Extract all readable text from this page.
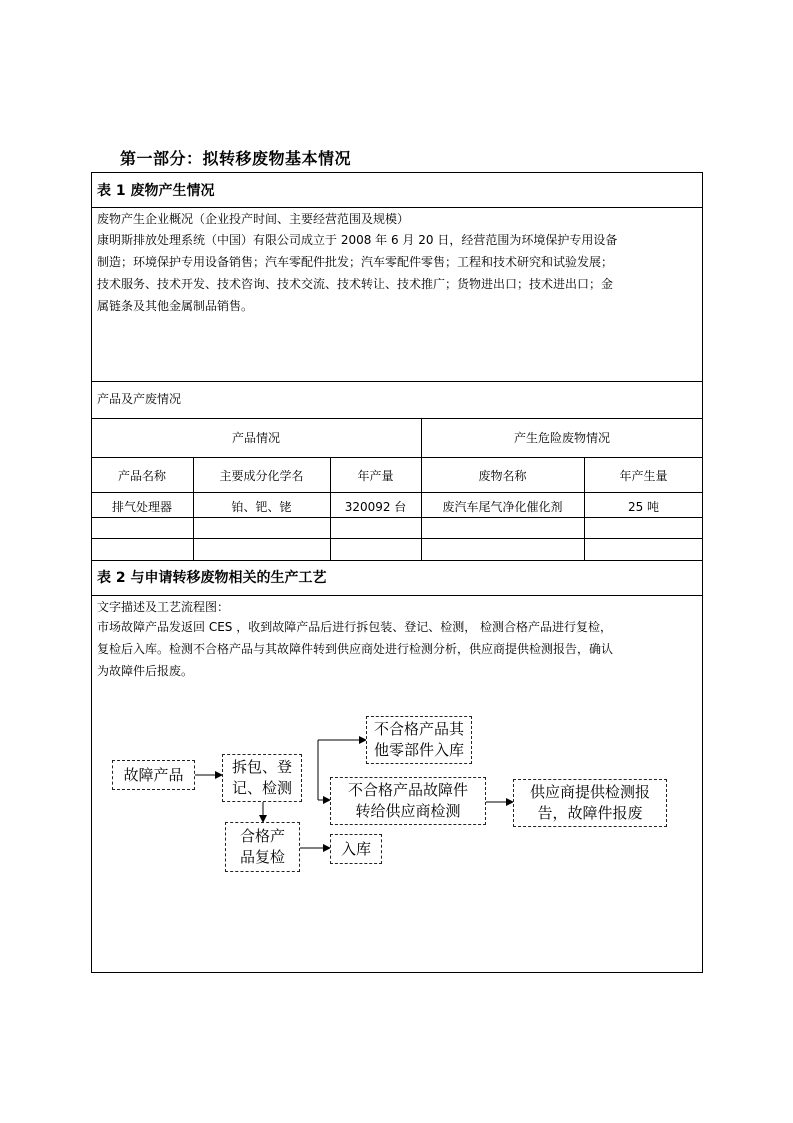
第一部分：拟转移废物基本情况
表 1 废物产生情况
废物产生企业概况（企业投产时间、主要经营范围及规模）
康明斯排放处理系统（中国）有限公司成立于 2008 年 6 月 20 日，经营范围为环境保护专用设备
制造；环境保护专用设备销售；汽车零配件批发；汽车零配件零售；工程和技术研究和试验发展；
技术服务、技术开发、技术咨询、技术交流、技术转让、技术推广；货物进出口；技术进出口；金
属链条及其他金属制品销售。
产品及产废情况
产品情况	产生危险废物情况
产品名称	主要成分化学名	年产量	废物名称	年产生量
排气处理器	铂、钯、铑	320092 台	废汽车尾气净化催化剂	25 吨
表 2 与申请转移废物相关的生产工艺
文字描述及工艺流程图：
市场故障产品发返回 CES ，收到故障产品后进行拆包装、登记、检测， 检测合格产品进行复检，
复检后入库。检测不合格产品与其故障件转到供应商处进行检测分析，供应商提供检测报告，确认
为故障件后报废。
故障产品	拆包、登
记、检测
不合格产品其
他零部件入库
不合格产品故障件
转给供应商检测
供应商提供检测报
告，故障件报废
合格产
品复检	入库
